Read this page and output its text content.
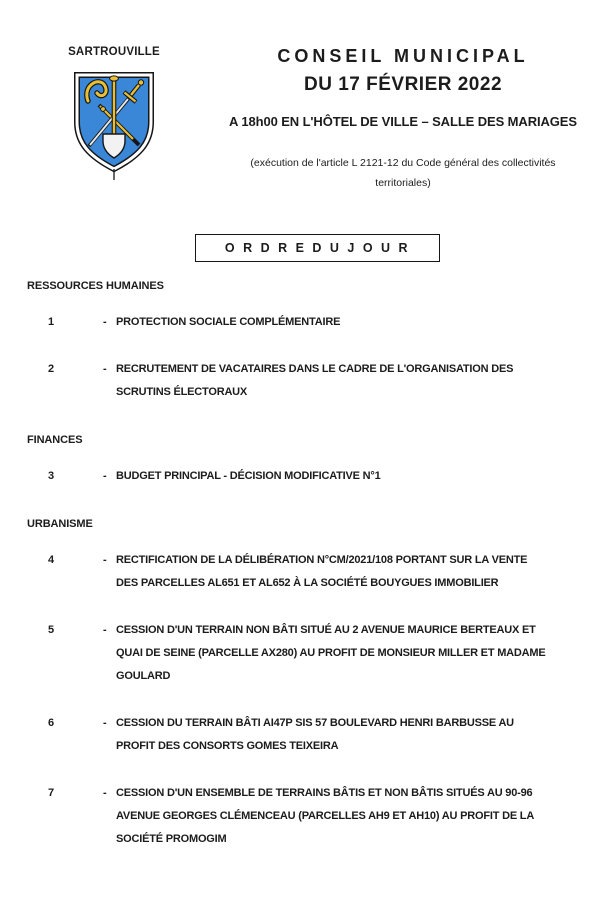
SARTROUVILLE	CONSEIL MUNICIPAL
DU 17 FÉVRIER 2022
A 18h00 EN L'HÔTEL DE VILLE – SALLE DES MARIAGES
(exécution de l'article L 2121-12 du Code général des collectivités
territoriales)
O R D R E D U J O U R
RESSOURCES HUMAINES
1	- PROTECTION SOCIALE COMPLÉMENTAIRE
2	- RECRUTEMENT DE VACATAIRES DANS LE CADRE DE L'ORGANISATION DES
SCRUTINS ÉLECTORAUX
FINANCES
3	- BUDGET PRINCIPAL - DÉCISION MODIFICATIVE N°1
URBANISME
4	- RECTIFICATION DE LA DÉLIBÉRATION N°CM/2021/108 PORTANT SUR LA VENTE
DES PARCELLES AL651 ET AL652 À LA SOCIÉTÉ BOUYGUES IMMOBILIER
5	- CESSION D'UN TERRAIN NON BÂTI SITUÉ AU 2 AVENUE MAURICE BERTEAUX ET
QUAI DE SEINE (PARCELLE AX280) AU PROFIT DE MONSIEUR MILLER ET MADAME
GOULARD
6	- CESSION DU TERRAIN BÂTI AI47P SIS 57 BOULEVARD HENRI BARBUSSE AU
PROFIT DES CONSORTS GOMES TEIXEIRA
7	- CESSION D'UN ENSEMBLE DE TERRAINS BÂTIS ET NON BÂTIS SITUÉS AU 90-96
AVENUE GEORGES CLÉMENCEAU (PARCELLES AH9 ET AH10) AU PROFIT DE LA
SOCIÉTÉ PROMOGIM
